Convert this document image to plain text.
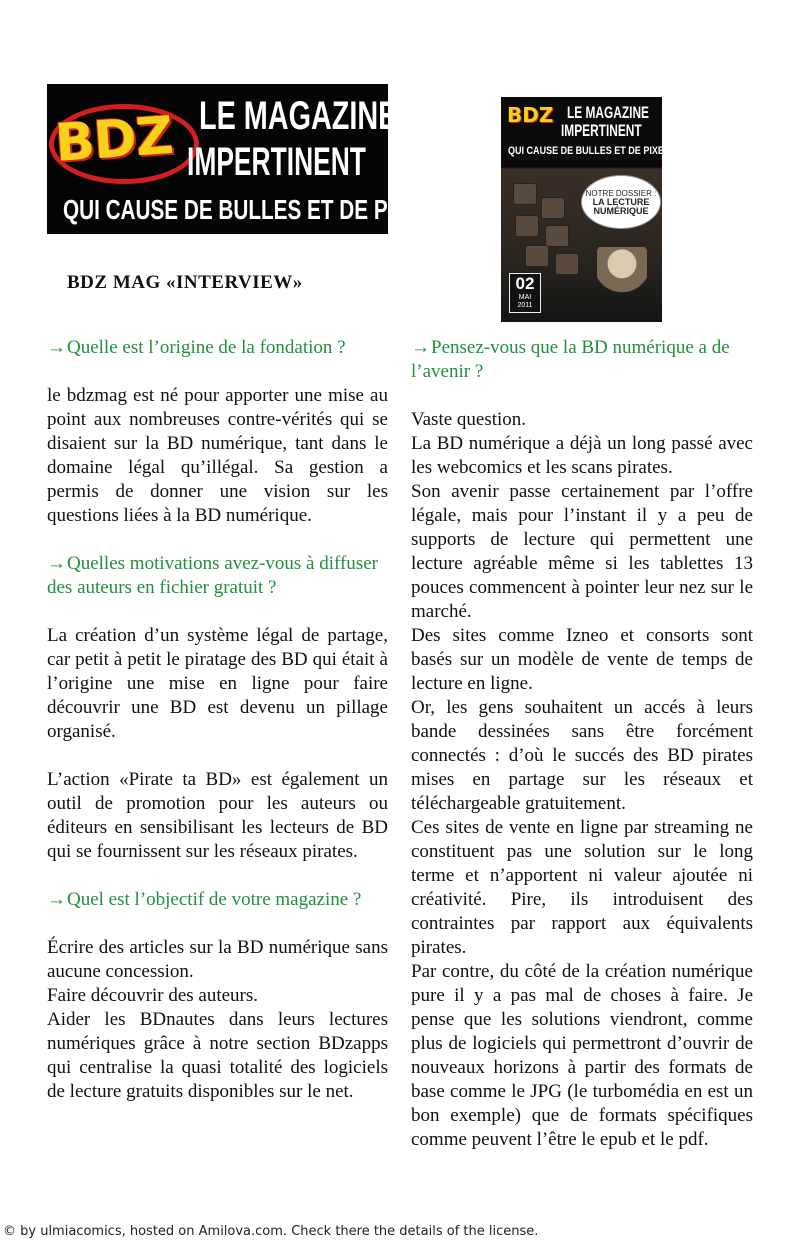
BDZ LE MAGAZINE
IMPERTINENT
QUI CAUSE DE BULLES ET DE PIXELS
BDZ LE MAGAZINE
IMPERTINENT
QUI CAUSE DE BULLES ET DE PIXELS
NOTRE DOSSIER :
LA LECTURE NUMÉRIQUE
02
MAI
2011
BDZ MAG «INTERVIEW»
→Quelle est l’origine de la fondation ?

le bdzmag est né pour apporter une mise au point aux nombreuses contre-vérités qui se disaient sur la BD numérique, tant dans le domaine légal qu’illégal. Sa gestion a permis de donner une vision sur les questions liées à la BD numérique.

→Quelles motivations avez-vous à diffuser des auteurs en fichier gratuit ?

La création d’un système légal de partage, car petit à petit le piratage des BD qui était à l’origine une mise en ligne pour faire découvrir une BD est devenu un pillage organisé.

L’action «Pirate ta BD» est également un outil de promotion pour les auteurs ou éditeurs en sensibilisant les lecteurs de BD qui se fournissent sur les réseaux pirates.

→Quel est l’objectif de votre magazine ?

Écrire des articles sur la BD numérique sans aucune concession.

Faire découvrir des auteurs.

Aider les BDnautes dans leurs lectures numériques grâce à notre section BDzapps qui centralise la quasi totalité des logiciels de lecture gratuits disponibles sur le net.

→Pensez-vous que la BD numérique a de l’avenir ?

Vaste question.

La BD numérique a déjà un long passé avec les webcomics et les scans pirates.

Son avenir passe certainement par l’offre légale, mais pour l’instant il y a peu de supports de lecture qui permettent une lecture agréable même si les tablettes 13 pouces commencent à pointer leur nez sur le marché.

Des sites comme Izneo et consorts sont basés sur un modèle de vente de temps de lecture en ligne.

Or, les gens souhaitent un accés à leurs bande dessinées sans être forcément connectés : d’où le succés des BD pirates mises en partage sur les réseaux et téléchargeable gratuitement.

Ces sites de vente en ligne par streaming ne constituent pas une solution sur le long terme et n’apportent ni valeur ajoutée ni créativité. Pire, ils introduisent des contraintes par rapport aux équivalents pirates.

Par contre, du côté de la création numérique pure il y a pas mal de choses à faire. Je pense que les solutions viendront, comme plus de logiciels qui permettront d’ouvrir de nouveaux horizons à partir des formats de base comme le JPG (le turbomédia en est un bon exemple) que de formats spécifiques comme peuvent l’être le epub et le pdf.

© by ulmiacomics, hosted on Amilova.com. Check there the details of the license.
